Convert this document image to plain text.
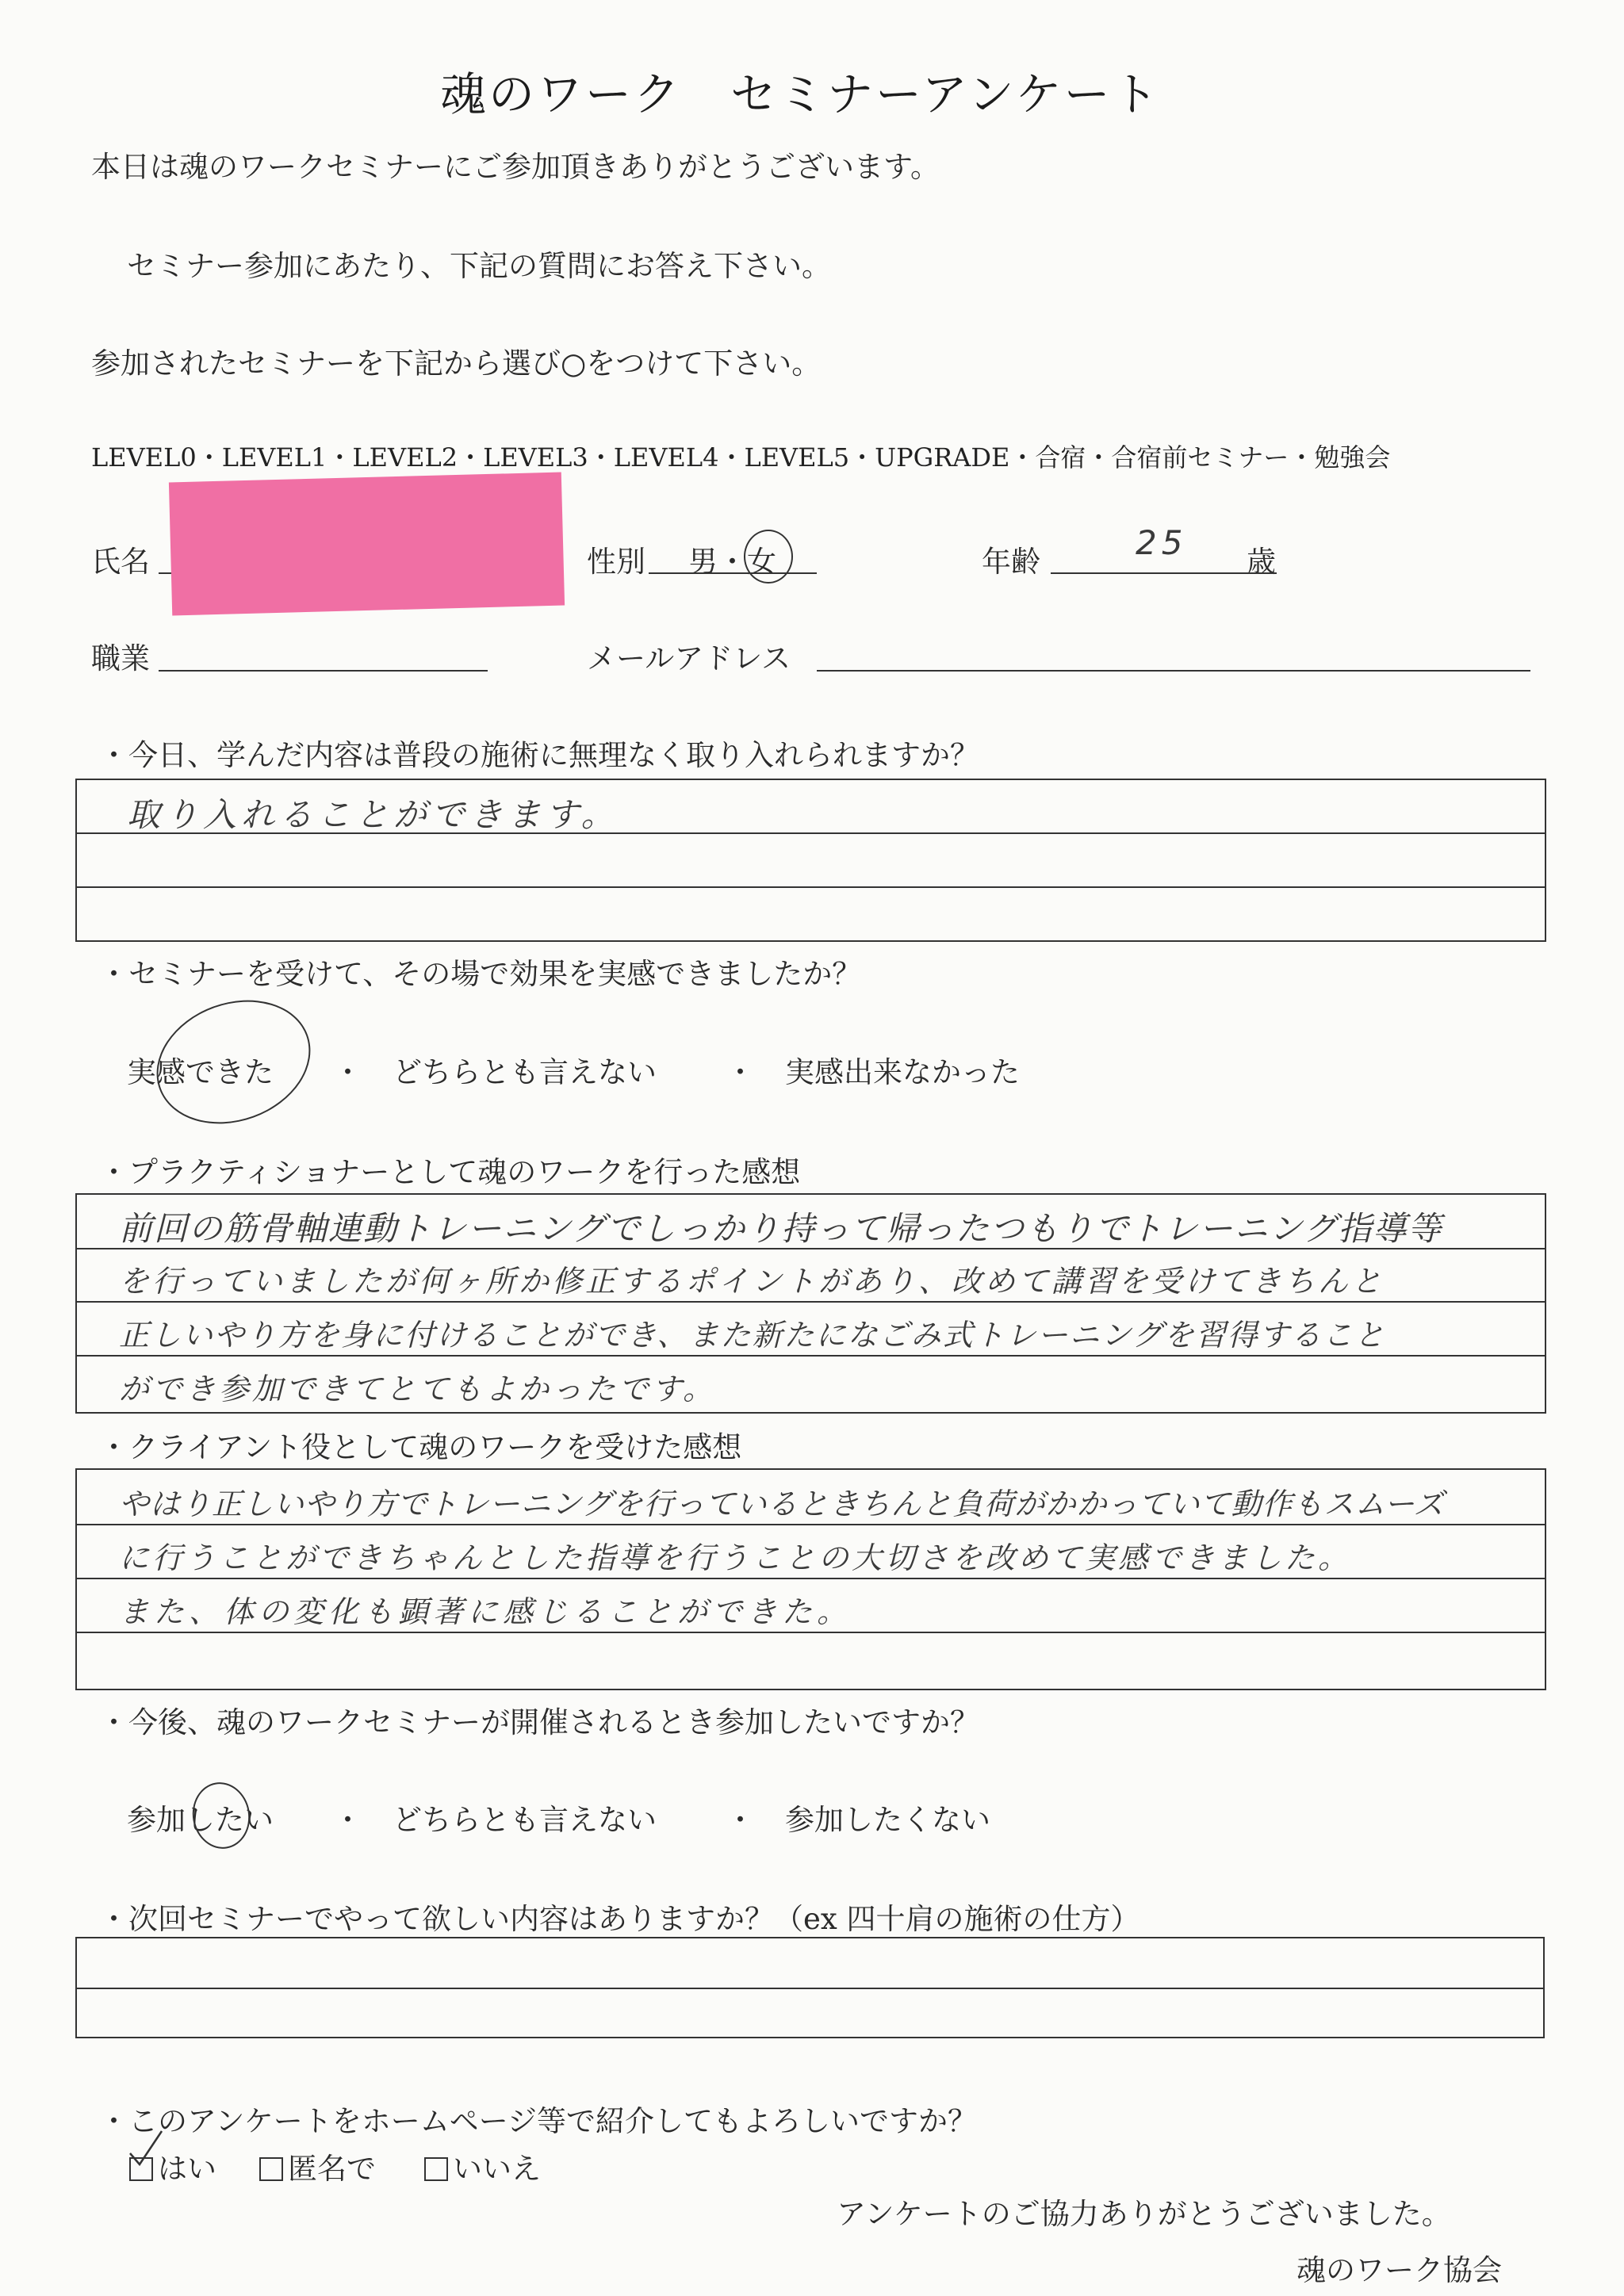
魂のワーク　セミナーアンケート
本日は魂のワークセミナーにご参加頂きありがとうございます。
セミナー参加にあたり、下記の質問にお答え下さい。
参加されたセミナーを下記から選び○をつけて下さい。
LEVEL0・LEVEL1・LEVEL2・LEVEL3・LEVEL4・LEVEL5・UPGRADE・合宿・合宿前セミナー・勉強会
氏名	性別 男・女	年齢	25 歳
職業	メールアドレス
・今日、学んだ内容は普段の施術に無理なく取り入れられますか？
取り入れることができます。
・セミナーを受けて、その場で効果を実感できましたか？
実感できた ・ どちらとも言えない ・ 実感出来なかった
・プラクティショナーとして魂のワークを行った感想
前回の筋骨軸連動トレーニングでしっかり持って帰ったつもりでトレーニング指導等
を行っていましたが何ヶ所か修正するポイントがあり、改めて講習を受けてきちんと
正しいやり方を身に付けることができ、また新たになごみ式トレーニングを習得すること
ができ参加できてとてもよかったです。
・クライアント役として魂のワークを受けた感想
やはり正しいやり方でトレーニングを行っているときちんと負荷がかかっていて動作もスムーズ
に行うことができちゃんとした指導を行うことの大切さを改めて実感できました。
また、体の変化も顕著に感じることができた。
・今後、魂のワークセミナーが開催されるとき参加したいですか？
参加したい ・ どちらとも言えない ・ 参加したくない
・次回セミナーでやって欲しい内容はありますか？（ex 四十肩の施術の仕方）
・このアンケートをホームページ等で紹介してもよろしいですか？
はい	匿名で	いいえ
アンケートのご協力ありがとうございました。
魂のワーク協会
